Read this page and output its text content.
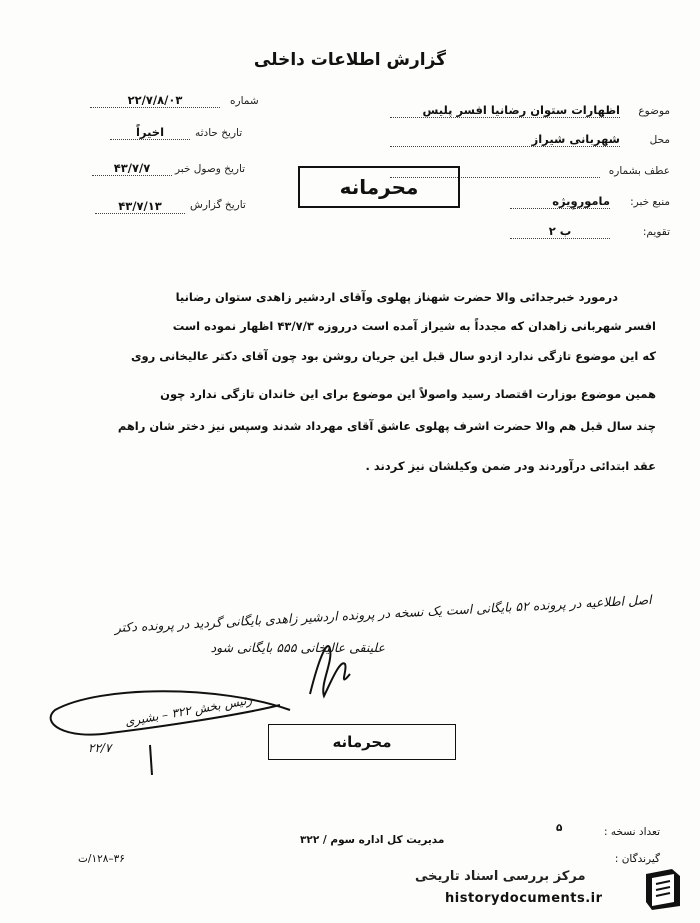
گزارش اطلاعات داخلی
موضوع
اظهارات ستوان رضانیا افسر پلیس
محل
شهربانی شیراز
عطف بشماره
منبع خبر:
ماموروِیژه
تقویم:
ب ۲
شماره
۲۲/۷/۸/۰۳
تاریخ حادثه
اخیراً
تاریخ وصول خبر
۴۳/۷/۷
تاریخ گزارش
۴۳/۷/۱۳
محرمانه
درمورد خبرجدائی والا حضرت شهناز پهلوی وآقای اردشیر زاهدی ستوان رضانیا
افسر شهربانی زاهدان که مجدداً به شیراز آمده است درروزه ۴۳/۷/۳ اظهار نموده است
که این موضوع تازگی ندارد ازدو سال قبل این جریان روشن بود چون آقای دکتر عالیخانی روی
همین موضوع بوزارت اقتصاد رسید واصولاً این موضوع برای این خاندان تازگی ندارد چون
چند سال قبل هم والا حضرت اشرف پهلوی عاشق آقای مهرداد شدند وسپس نیز دختر شان راهم
عقد ابتدائی درآوردند ودر ضمن وکیلشان نیز کردند .
اصل اطلاعیه در پرونده ۵۲ بایگانی است یک نسخه در پرونده اردشیر زاهدی بایگانی گردید در پرونده دکتر
علینقی عالیخانی ۵۵۵ بایگانی شود
رئیس بخش ۳۲۲ – بشیری
۲۲/۷	محرمانه
تعداد نسخه :
۵
مدیریت کل اداره سوم / ۳۲۲
گیرندگان :
۳۶–۱۲۸/ت
مرکز بررسی اسناد تاریخی
historydocuments.ir
